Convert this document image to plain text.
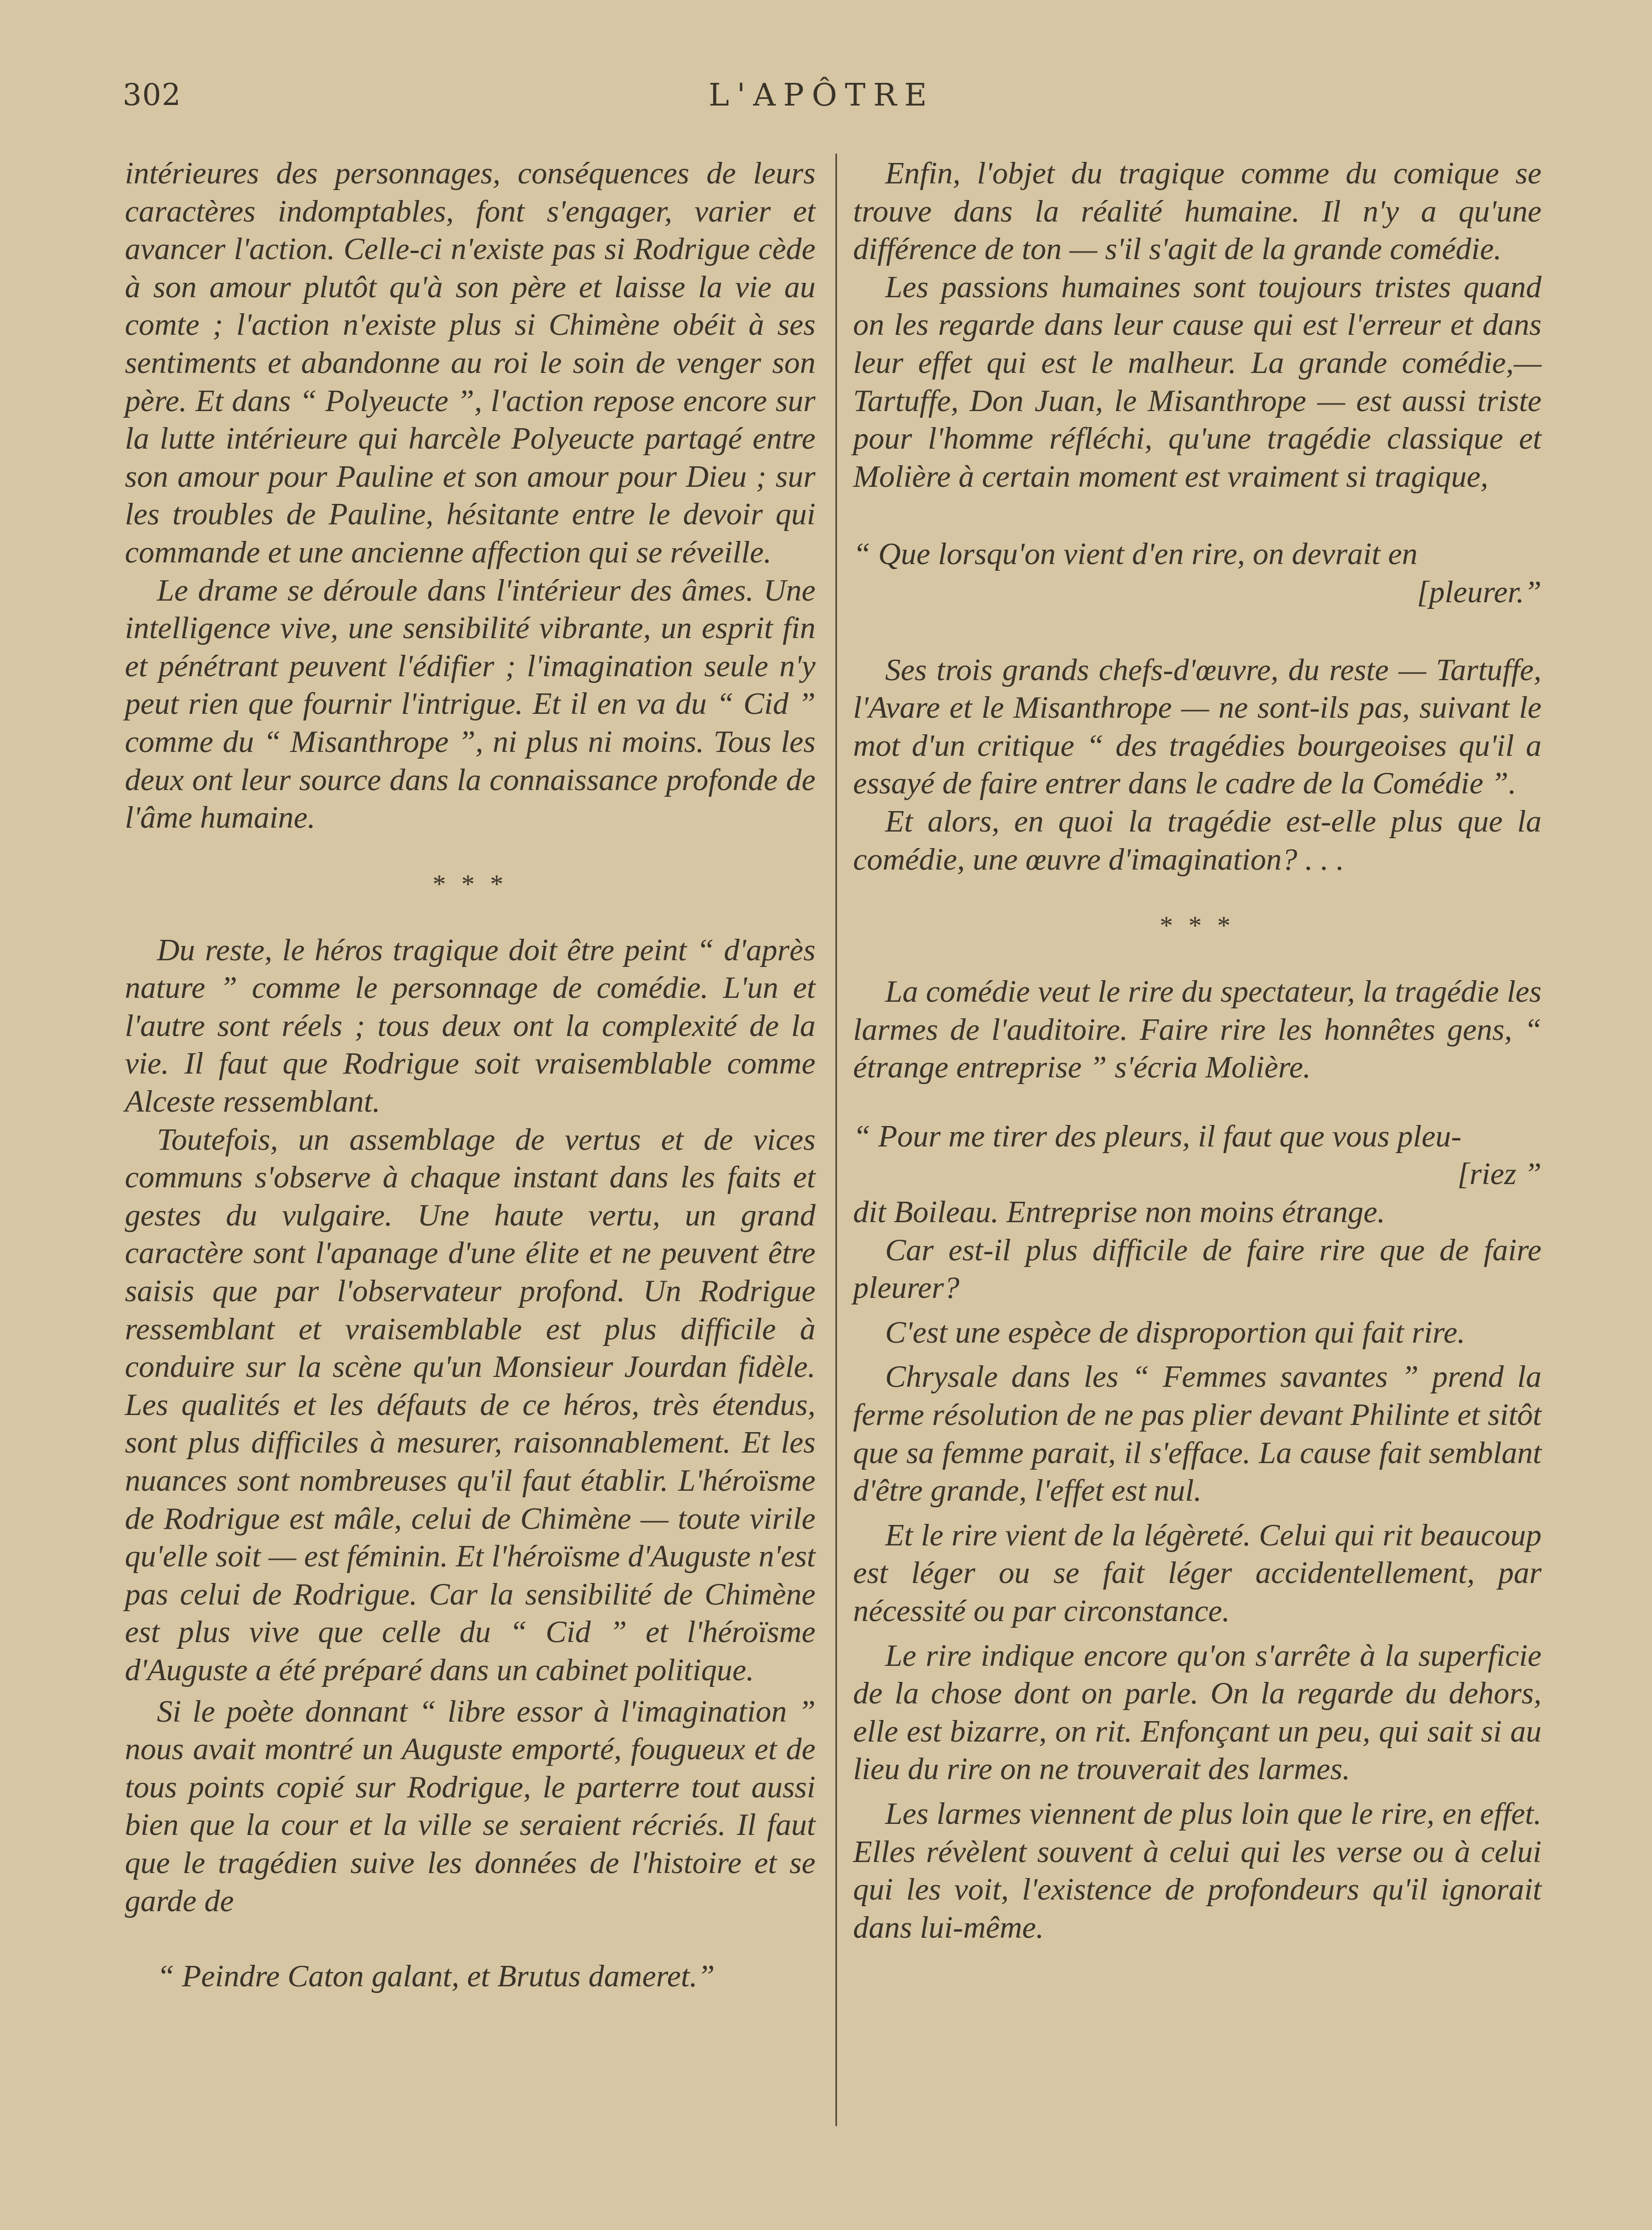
302	L'APÔTRE

intérieures des personnages, conséquences de leurs caractères indomptables, font s'engager, varier et avancer l'action. Celle-ci n'existe pas si Rodrigue cède à son amour plutôt qu'à son père et laisse la vie au comte ; l'action n'existe plus si Chimène obéit à ses sentiments et abandonne au roi le soin de venger son père. Et dans “ Polyeucte ”, l'action repose encore sur la lutte intérieure qui harcèle Polyeucte partagé entre son amour pour Pauline et son amour pour Dieu ; sur les troubles de Pauline, hésitante entre le devoir qui commande et une ancienne affection qui se réveille.

Le drame se déroule dans l'intérieur des âmes. Une intelligence vive, une sensibilité vibrante, un esprit fin et pénétrant peuvent l'édifier ; l'imagination seule n'y peut rien que fournir l'intrigue. Et il en va du “ Cid ” comme du “ Misanthrope ”, ni plus ni moins. Tous les deux ont leur source dans la connaissance profonde de l'âme humaine.

* * *

Du reste, le héros tragique doit être peint “ d'après nature ” comme le personnage de comédie. L'un et l'autre sont réels ; tous deux ont la complexité de la vie. Il faut que Rodrigue soit vraisemblable comme Alceste ressemblant.

Toutefois, un assemblage de vertus et de vices communs s'observe à chaque instant dans les faits et gestes du vulgaire. Une haute vertu, un grand caractère sont l'apanage d'une élite et ne peuvent être saisis que par l'observateur profond. Un Rodrigue ressemblant et vraisemblable est plus difficile à conduire sur la scène qu'un Monsieur Jourdan fidèle. Les qualités et les défauts de ce héros, très étendus, sont plus difficiles à mesurer, raisonnablement. Et les nuances sont nombreuses qu'il faut établir. L'héroïsme de Rodrigue est mâle, celui de Chimène — toute virile qu'elle soit — est féminin. Et l'héroïsme d'Auguste n'est pas celui de Rodrigue. Car la sensibilité de Chimène est plus vive que celle du “ Cid ” et l'héroïsme d'Auguste a été préparé dans un cabinet politique.

Si le poète donnant “ libre essor à l'imagination ” nous avait montré un Auguste emporté, fougueux et de tous points copié sur Rodrigue, le parterre tout aussi bien que la cour et la ville se seraient récriés. Il faut que le tragédien suive les données de l'histoire et se garde de

“ Peindre Caton galant, et Brutus dameret.”

Enfin, l'objet du tragique comme du comique se trouve dans la réalité humaine. Il n'y a qu'une différence de ton — s'il s'agit de la grande comédie.

Les passions humaines sont toujours tristes quand on les regarde dans leur cause qui est l'erreur et dans leur effet qui est le malheur. La grande comédie,— Tartuffe, Don Juan, le Misanthrope — est aussi triste pour l'homme réfléchi, qu'une tragédie classique et Molière à certain moment est vraiment si tragique,

“ Que lorsqu'on vient d'en rire, on devrait en

[pleurer.”

Ses trois grands chefs-d'œuvre, du reste — Tartuffe, l'Avare et le Misanthrope — ne sont-ils pas, suivant le mot d'un critique “ des tragédies bourgeoises qu'il a essayé de faire entrer dans le cadre de la Comédie ”.

Et alors, en quoi la tragédie est-elle plus que la comédie, une œuvre d'imagination? . . .

* * *

La comédie veut le rire du spectateur, la tragédie les larmes de l'auditoire. Faire rire les honnêtes gens, “ étrange entreprise ” s'écria Molière.

“ Pour me tirer des pleurs, il faut que vous pleu-

[riez ”

dit Boileau. Entreprise non moins étrange.

Car est-il plus difficile de faire rire que de faire pleurer?

C'est une espèce de disproportion qui fait rire.

Chrysale dans les “ Femmes savantes ” prend la ferme résolution de ne pas plier devant Philinte et sitôt que sa femme parait, il s'efface. La cause fait semblant d'être grande, l'effet est nul.

Et le rire vient de la légèreté. Celui qui rit beaucoup est léger ou se fait léger accidentellement, par nécessité ou par circonstance.

Le rire indique encore qu'on s'arrête à la superficie de la chose dont on parle. On la regarde du dehors, elle est bizarre, on rit. Enfonçant un peu, qui sait si au lieu du rire on ne trouverait des larmes.

Les larmes viennent de plus loin que le rire, en effet. Elles révèlent souvent à celui qui les verse ou à celui qui les voit, l'existence de profondeurs qu'il ignorait dans lui-même.
